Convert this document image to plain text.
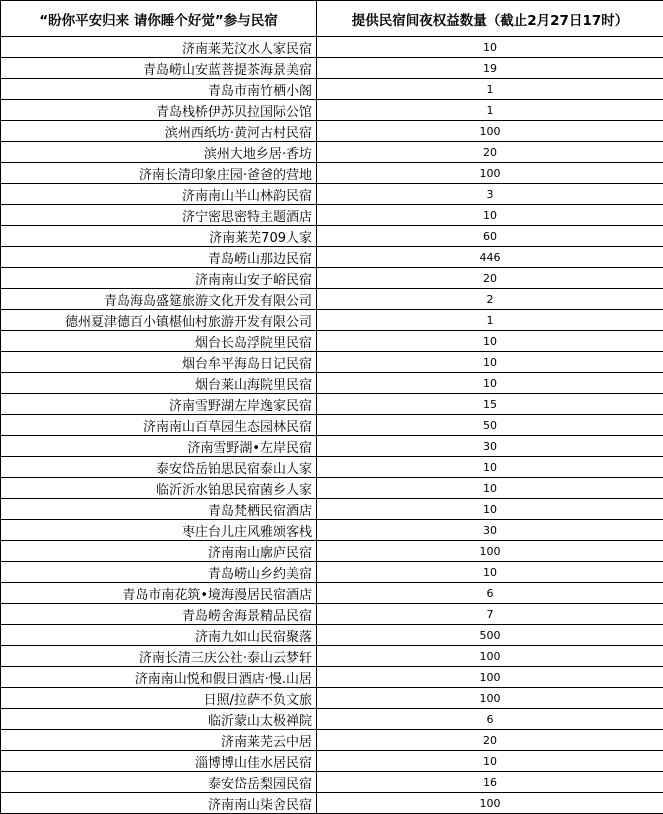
“盼你平安归来 请你睡个好觉”参与民宿	提供民宿间夜权益数量（截止2月27日17时）
济南莱芜汶水人家民宿	10
青岛崂山安蓝菩提茶海景美宿	19
青岛市南竹栖小阁	1
青岛栈桥伊苏贝拉国际公馆	1
滨州西纸坊·黄河古村民宿	100
滨州大地乡居·香坊	20
济南长清印象庄园·爸爸的营地	100
济南南山半山林韵民宿	3
济宁密思密特主题酒店	10
济南莱芜709人家	60
青岛崂山那边民宿	446
济南南山安子峪民宿	20
青岛海岛盛筵旅游文化开发有限公司	2
德州夏津德百小镇椹仙村旅游开发有限公司	1
烟台长岛浮院里民宿	10
烟台牟平海岛日记民宿	10
烟台莱山海院里民宿	10
济南雪野湖左岸逸家民宿	15
济南南山百草园生态园林民宿	50
济南雪野湖•左岸民宿	30
泰安岱岳铂思民宿泰山人家	10
临沂沂水铂思民宿菌乡人家	10
青岛梵栖民宿酒店	10
枣庄台儿庄风雅颂客栈	30
济南南山廓庐民宿	100
青岛崂山乡约美宿	10
青岛市南花筑•境海漫居民宿酒店	6
青岛崂舍海景精品民宿	7
济南九如山民宿聚落	500
济南长清三庆公社·泰山云梦轩	100
济南南山悦和假日酒店·慢.山居	100
日照/拉萨不负文旅	100
临沂蒙山太极禅院	6
济南莱芜云中居	20
淄博博山佳水居民宿	10
泰安岱岳梨园民宿	16
济南南山柒舍民宿	100
